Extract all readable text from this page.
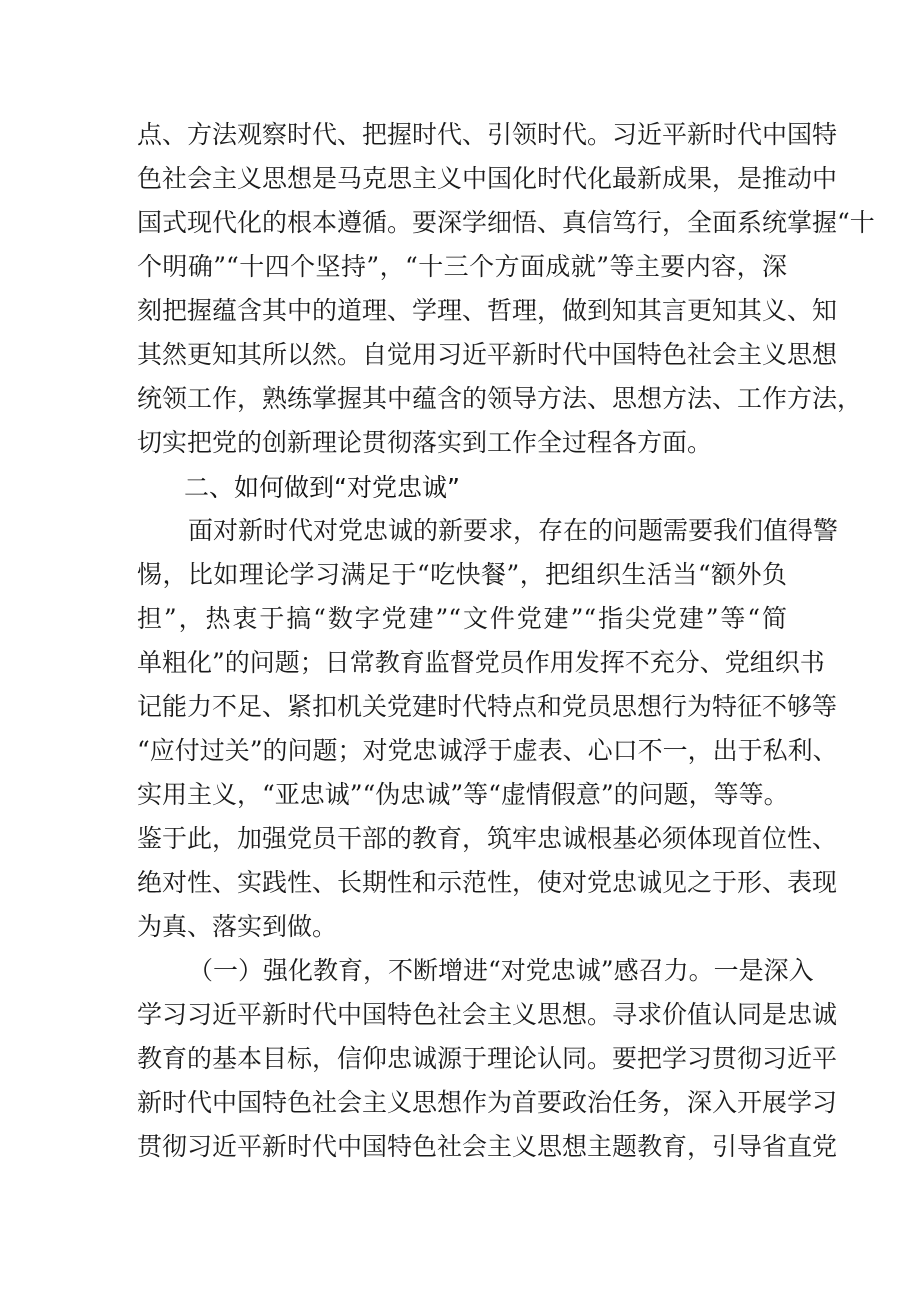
点、方法观察时代、把握时代、引领时代。习近平新时代中国特
色社会主义思想是马克思主义中国化时代化最新成果，是推动中
国式现代化的根本遵循。要深学细悟、真信笃行，全面系统掌握“十
个明确”“十四个坚持”，“十三个方面成就”等主要内容，深
刻把握蕴含其中的道理、学理、哲理，做到知其言更知其义、知
其然更知其所以然。自觉用习近平新时代中国特色社会主义思想
统领工作，熟练掌握其中蕴含的领导方法、思想方法、工作方法，
切实把党的创新理论贯彻落实到工作全过程各方面。
二、如何做到“对党忠诚”
面对新时代对党忠诚的新要求，存在的问题需要我们值得警
惕，比如理论学习满足于“吃快餐”，把组织生活当“额外负
担”，热衷于搞“数字党建”“文件党建”“指尖党建”等“简
单粗化”的问题；日常教育监督党员作用发挥不充分、党组织书
记能力不足、紧扣机关党建时代特点和党员思想行为特征不够等
“应付过关”的问题；对党忠诚浮于虚表、心口不一，出于私利、
实用主义，“亚忠诚”“伪忠诚”等“虚情假意”的问题，等等。
鉴于此，加强党员干部的教育，筑牢忠诚根基必须体现首位性、
绝对性、实践性、长期性和示范性，使对党忠诚见之于形、表现
为真、落实到做。
（一）强化教育，不断增进“对党忠诚”感召力。一是深入
学习习近平新时代中国特色社会主义思想。寻求价值认同是忠诚
教育的基本目标，信仰忠诚源于理论认同。要把学习贯彻习近平
新时代中国特色社会主义思想作为首要政治任务，深入开展学习
贯彻习近平新时代中国特色社会主义思想主题教育，引导省直党
